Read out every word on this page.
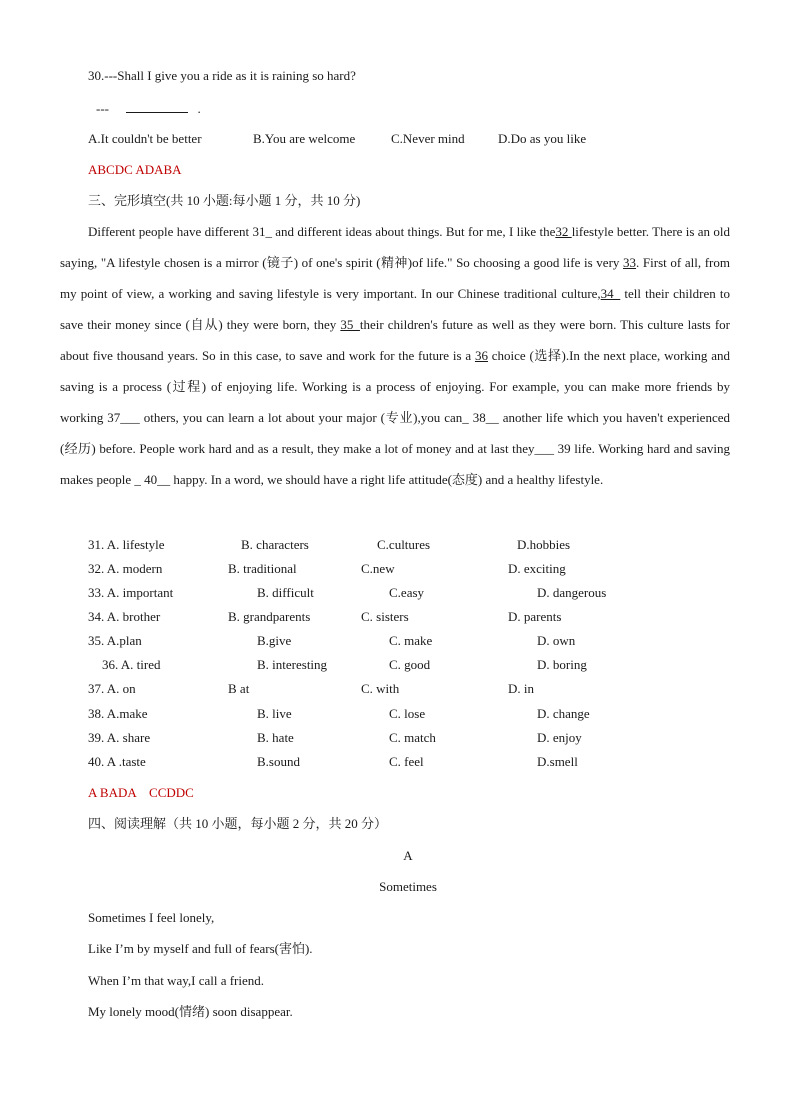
30.---Shall I give you a ride as it is raining so hard?
---	.
A.It couldn't be better	B.You are welcome	C.Never mind	D.Do as you like
ABCDC ADABA
三、完形填空(共 10 小题:每小题 1 分，共 10 分)

Different people have different 31_ and different ideas about things. But for me, I like the32 lifestyle better. There is an old saying, "A lifestyle chosen is a mirror (镜子) of one's spirit (精神)of life." So choosing a good life is very 33. First of all, from my point of view, a working and saving lifestyle is very important. In our Chinese traditional culture,34_ tell their children to save their money since (自从) they were born, they 35_their children's future as well as they were born. This culture lasts for about five thousand years. So in this case, to save and work for the future is a 36 choice (选择).In the next place, working and saving is a process (过程) of enjoying life. Working is a process of enjoying. For example, you can make more friends by working 37___ others, you can learn a lot about your major (专业),you can_ 38__ another life which you haven't experienced (经历) before. People work hard and as a result, they make a lot of money and at last they___ 39 life. Working hard and saving makes people _ 40__ happy. In a word, we should have a right life attitude(态度) and a healthy lifestyle.

31. A. lifestyle	B. characters	C.cultures	D.hobbies
32. A. modern	B. traditional	C.new	D. exciting
33. A. important	B. difficult	C.easy	D. dangerous
34. A. brother	B. grandparents	C. sisters	D. parents
35. A.plan	B.give	C. make	D. own
36. A. tired	B. interesting	C. good	D. boring
37. A. on	B at	C. with	D. in
38. A.make	B. live	C. lose	D. change
39. A. share	B. hate	C. match	D. enjoy
40. A .taste	B.sound	C. feel	D.smell
A BADA　CCDDC
四、阅读理解（共 10 小题，每小题 2 分，共 20 分）
A
Sometimes
Sometimes I feel lonely,
Like I’m by myself and full of fears(害怕).
When I’m that way,I call a friend.
My lonely mood(情绪) soon disappear.
